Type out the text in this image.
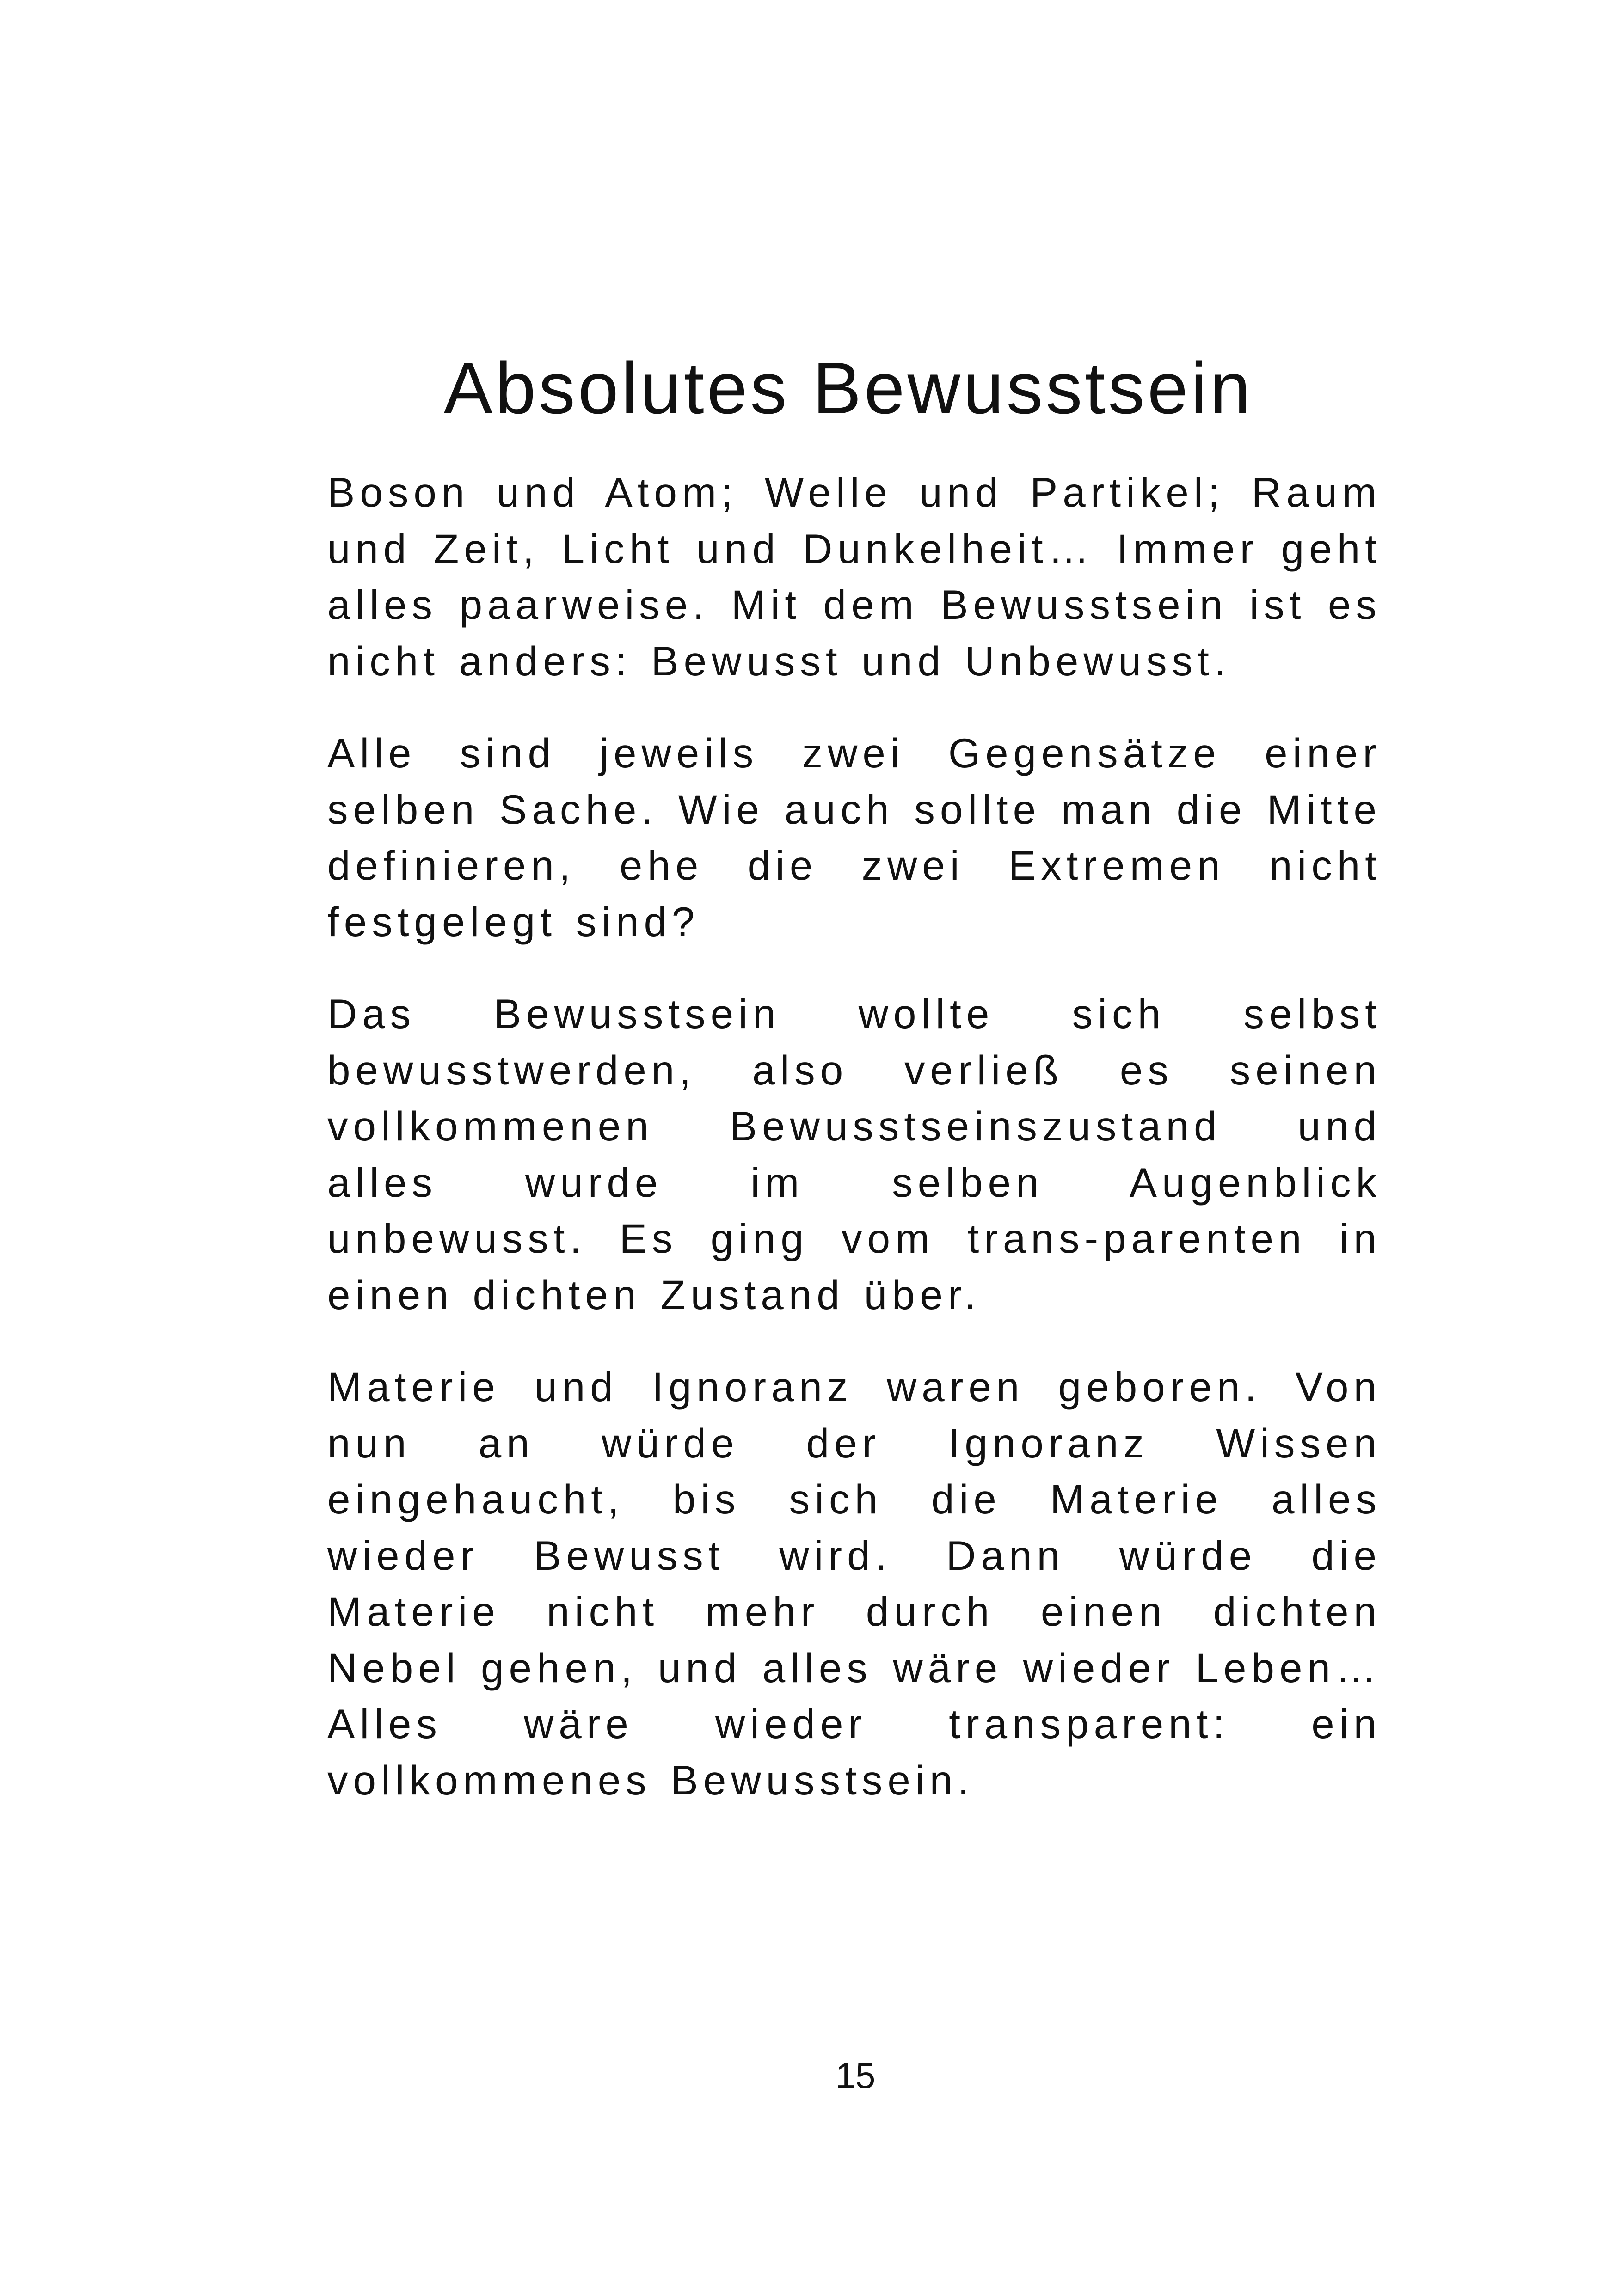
Absolutes Bewusstsein

Boson und Atom; Welle und Partikel; Raum und Zeit, Licht und Dunkelheit… Immer geht alles paarweise. Mit dem Bewusstsein ist es nicht anders: Bewusst und Unbewusst.

Alle sind jeweils zwei Gegensätze einer selben Sache. Wie auch sollte man die Mitte definieren, ehe die zwei Extremen nicht festgelegt sind?

Das Bewusstsein wollte sich selbst bewusstwerden, also verließ es seinen vollkommenen Bewusstseinszustand und alles wurde im selben Augenblick unbewusst. Es ging vom trans-parenten in einen dichten Zustand über.

Materie und Ignoranz waren geboren. Von nun an würde der Ignoranz Wissen eingehaucht, bis sich die Materie alles wieder Bewusst wird. Dann würde die Materie nicht mehr durch einen dichten Nebel gehen, und alles wäre wieder Leben… Alles wäre wieder transparent: ein vollkommenes Bewusstsein.

15
